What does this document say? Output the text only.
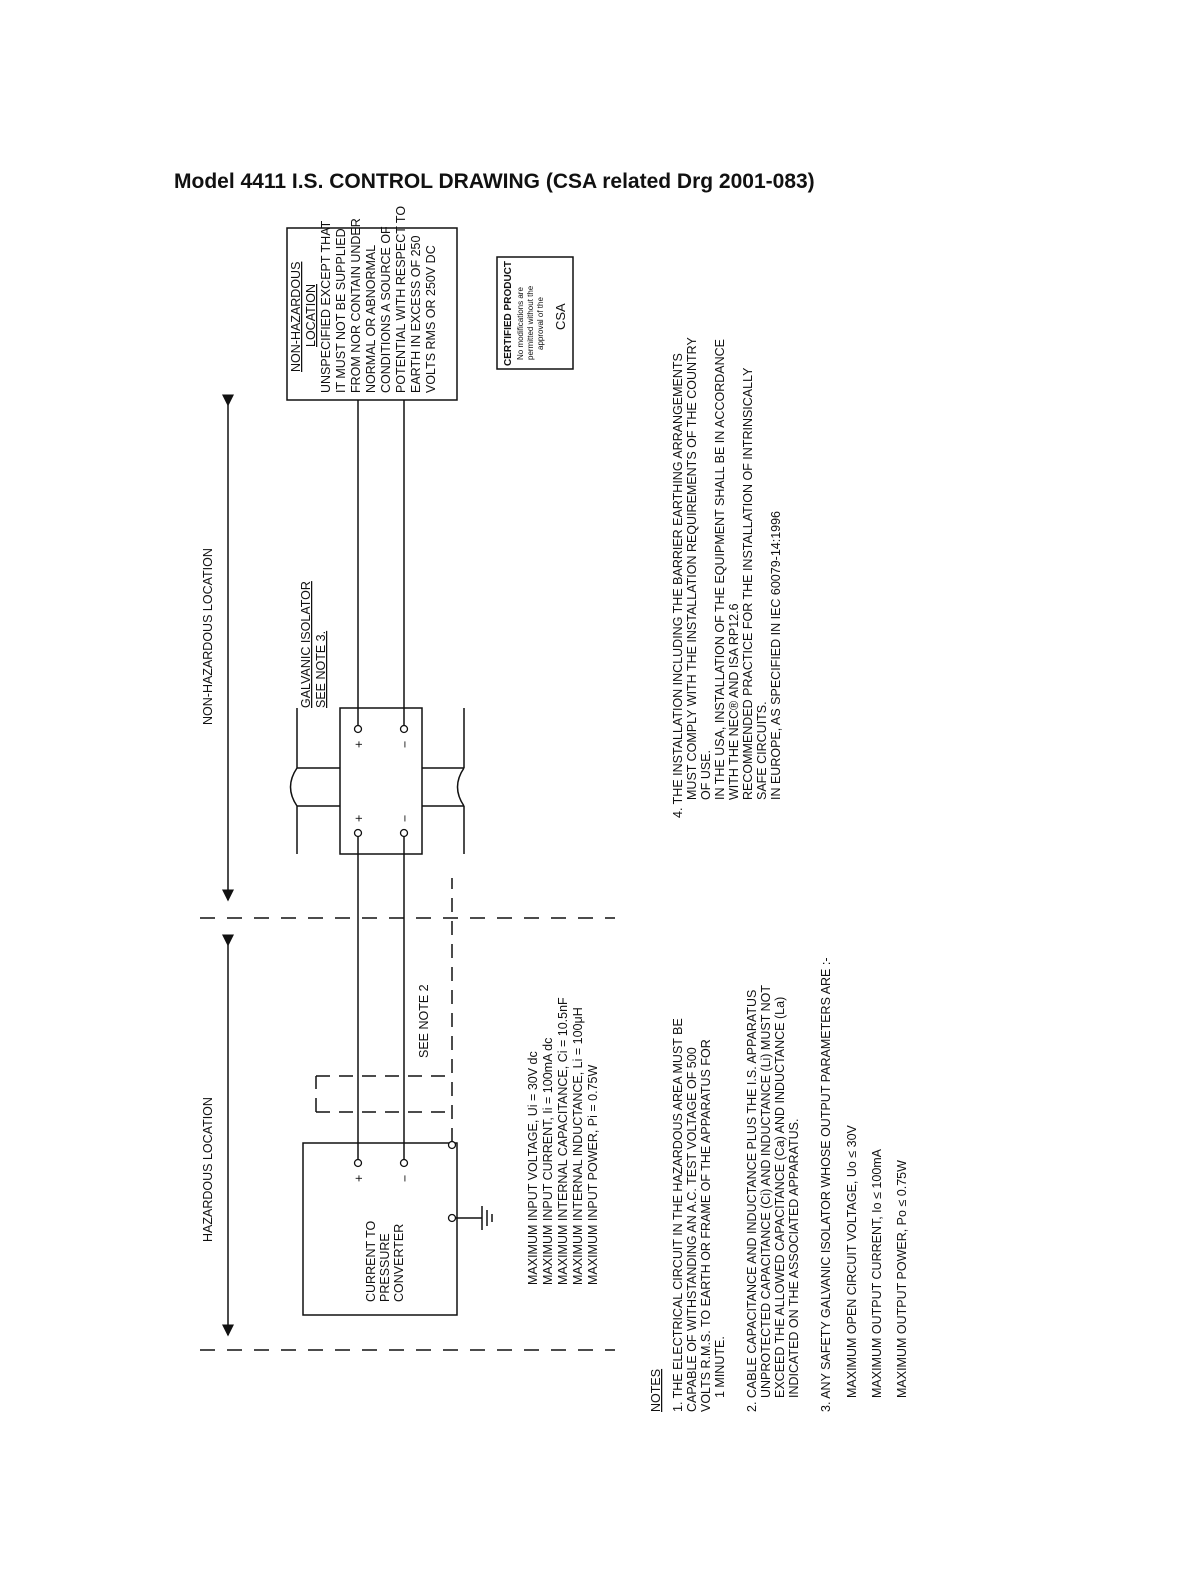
Model 4411 I.S. CONTROL DRAWING (CSA related Drg 2001-083)
HAZARDOUS LOCATION
NON-HAZARDOUS LOCATION
CURRENT TO PRESSURE CONVERTER
+	−
+	−
+	−
GALVANIC ISOLATOR SEE NOTE 3.
SEE NOTE 2
NON-HAZARDOUS LOCATION UNSPECIFIED EXCEPT THAT IT MUST NOT BE SUPPLIED FROM NOR CONTAIN UNDER NORMAL OR ABNORMAL CONDITIONS A SOURCE OF POTENTIAL WITH RESPECT TO EARTH IN EXCESS OF 250 VOLTS RMS OR 250V DC
MAXIMUM INPUT VOLTAGE, Ui = 30V dc MAXIMUM INPUT CURRENT, Ii = 100mA dc MAXIMUM INTERNAL CAPACITANCE, Ci = 10.5nF MAXIMUM INTERNAL INDUCTANCE, Li = 100μH MAXIMUM INPUT POWER, Pi = 0.75W
NOTES 1. THE ELECTRICAL CIRCUIT IN THE HAZARDOUS AREA MUST BE CAPABLE OF WITHSTANDING AN A.C. TEST VOLTAGE OF 500 VOLTS R.M.S. TO EARTH OR FRAME OF THE APPARATUS FOR 1 MINUTE. 2. CABLE CAPACITANCE AND INDUCTANCE PLUS THE I.S. APPARATUS UNPROTECTED CAPACITANCE (Ci) AND INDUCTANCE (Li) MUST NOT EXCEED THE ALLOWED CAPACITANCE (Ca) AND INDUCTANCE (La) INDICATED ON THE ASSOCIATED APPARATUS. 3. ANY SAFETY GALVANIC ISOLATOR WHOSE OUTPUT PARAMETERS ARE :- MAXIMUM OPEN CIRCUIT VOLTAGE, Uo ≤ 30V MAXIMUM OUTPUT CURRENT, Io ≤ 100mA MAXIMUM OUTPUT POWER, Po ≤ 0.75W
4. THE INSTALLATION INCLUDING THE BARRIER EARTHING ARRANGEMENTS MUST COMPLY WITH THE INSTALLATION REQUIREMENTS OF THE COUNTRY OF USE. IN THE USA, INSTALLATION OF THE EQUIPMENT SHALL BE IN ACCORDANCE WITH THE NEC® AND ISA RP12.6 RECOMMENDED PRACTICE FOR THE INSTALLATION OF INTRINSICALLY SAFE CIRCUITS. IN EUROPE, AS SPECIFIED IN IEC 60079-14:1996
CERTIFIED PRODUCT No modifications are permitted without the approval of the CSA
